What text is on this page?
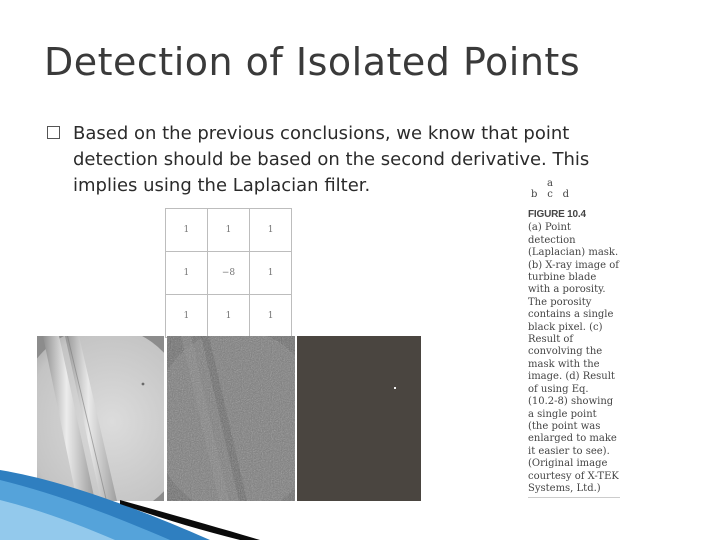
Detection of Isolated Points
Based on the previous conclusions, we know that point detection should be based on the second derivative. This implies using the Laplacian filter.
1	1	1
1	−8	1
1	1	1
a
b c d
FIGURE 10.4
(a) Point detection (Laplacian) mask. (b) X-ray image of turbine blade with a porosity. The porosity contains a single black pixel. (c) Result of convolving the mask with the image. (d) Result of using Eq. (10.2-8) showing a single point (the point was enlarged to make it easier to see). (Original image courtesy of X-TEK Systems, Ltd.)
